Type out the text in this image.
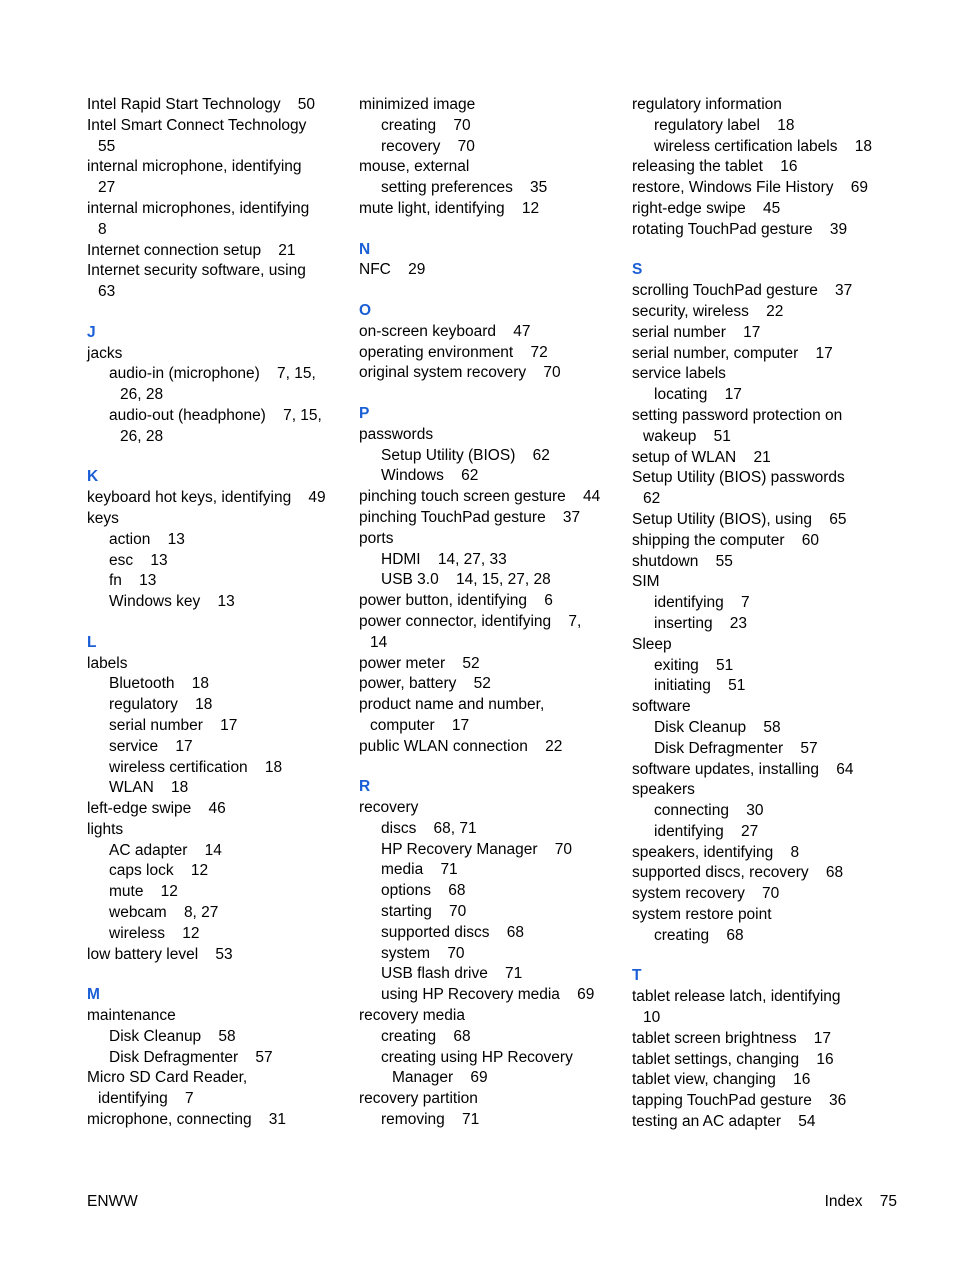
Intel Rapid Start Technology    50
Intel Smart Connect Technology
55
internal microphone, identifying
27
internal microphones, identifying
8
Internet connection setup    21
Internet security software, using
63
J
jacks
audio-in (microphone)    7, 15,
26, 28
audio-out (headphone)    7, 15,
26, 28
K
keyboard hot keys, identifying    49
keys
action    13
esc    13
fn    13
Windows key    13
L
labels
Bluetooth    18
regulatory    18
serial number    17
service    17
wireless certification    18
WLAN    18
left-edge swipe    46
lights
AC adapter    14
caps lock    12
mute    12
webcam    8, 27
wireless    12
low battery level    53
M
maintenance
Disk Cleanup    58
Disk Defragmenter    57
Micro SD Card Reader,
identifying    7
microphone, connecting    31
minimized image
creating    70
recovery    70
mouse, external
setting preferences    35
mute light, identifying    12
N
NFC    29
O
on-screen keyboard    47
operating environment    72
original system recovery    70
P
passwords
Setup Utility (BIOS)    62
Windows    62
pinching touch screen gesture    44
pinching TouchPad gesture    37
ports
HDMI    14, 27, 33
USB 3.0    14, 15, 27, 28
power button, identifying    6
power connector, identifying    7,
14
power meter    52
power, battery    52
product name and number,
computer    17
public WLAN connection    22
R
recovery
discs    68, 71
HP Recovery Manager    70
media    71
options    68
starting    70
supported discs    68
system    70
USB flash drive    71
using HP Recovery media    69
recovery media
creating    68
creating using HP Recovery
Manager    69
recovery partition
removing    71
regulatory information
regulatory label    18
wireless certification labels    18
releasing the tablet    16
restore, Windows File History    69
right-edge swipe    45
rotating TouchPad gesture    39
S
scrolling TouchPad gesture    37
security, wireless    22
serial number    17
serial number, computer    17
service labels
locating    17
setting password protection on
wakeup    51
setup of WLAN    21
Setup Utility (BIOS) passwords
62
Setup Utility (BIOS), using    65
shipping the computer    60
shutdown    55
SIM
identifying    7
inserting    23
Sleep
exiting    51
initiating    51
software
Disk Cleanup    58
Disk Defragmenter    57
software updates, installing    64
speakers
connecting    30
identifying    27
speakers, identifying    8
supported discs, recovery    68
system recovery    70
system restore point
creating    68
T
tablet release latch, identifying
10
tablet screen brightness    17
tablet settings, changing    16
tablet view, changing    16
tapping TouchPad gesture    36
testing an AC adapter    54
ENWW	Index    75
